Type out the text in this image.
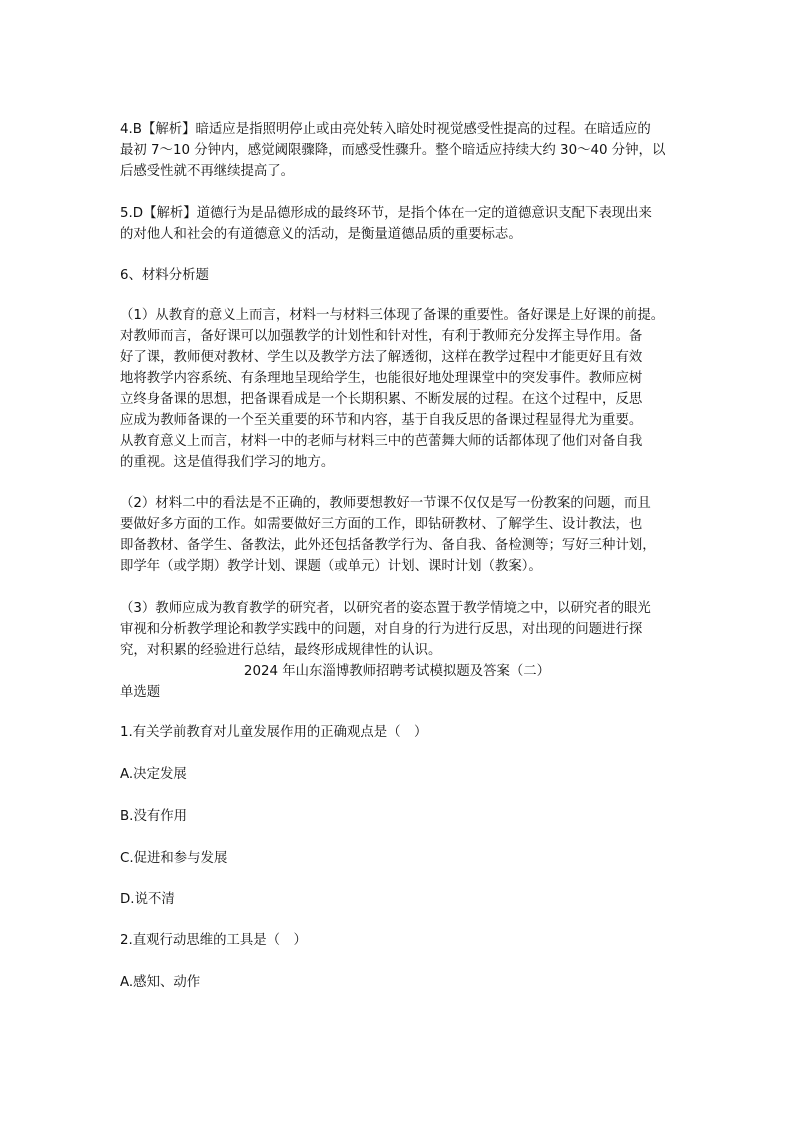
4.B【解析】暗适应是指照明停止或由亮处转入暗处时视觉感受性提高的过程。在暗适应的
最初 7～10 分钟内，感觉阈限骤降，而感受性骤升。整个暗适应持续大约 30～40 分钟，以
后感受性就不再继续提高了。

5.D【解析】道德行为是品德形成的最终环节，是指个体在一定的道德意识支配下表现出来
的对他人和社会的有道德意义的活动，是衡量道德品质的重要标志。

6、材料分析题

（1）从教育的意义上而言，材料一与材料三体现了备课的重要性。备好课是上好课的前提。
对教师而言，备好课可以加强教学的计划性和针对性，有利于教师充分发挥主导作用。备
好了课，教师便对教材、学生以及教学方法了解透彻，这样在教学过程中才能更好且有效
地将教学内容系统、有条理地呈现给学生，也能很好地处理课堂中的突发事件。教师应树
立终身备课的思想，把备课看成是一个长期积累、不断发展的过程。在这个过程中，反思
应成为教师备课的一个至关重要的环节和内容，基于自我反思的备课过程显得尤为重要。
从教育意义上而言，材料一中的老师与材料三中的芭蕾舞大师的话都体现了他们对备自我
的重视。这是值得我们学习的地方。

（2）材料二中的看法是不正确的，教师要想教好一节课不仅仅是写一份教案的问题，而且
要做好多方面的工作。如需要做好三方面的工作，即钻研教材、了解学生、设计教法，也
即备教材、备学生、备教法，此外还包括备教学行为、备自我、备检测等；写好三种计划，
即学年（或学期）教学计划、课题（或单元）计划、课时计划（教案）。

（3）教师应成为教育教学的研究者，以研究者的姿态置于教学情境之中，以研究者的眼光
审视和分析教学理论和教学实践中的问题，对自身的行为进行反思，对出现的问题进行探
究，对积累的经验进行总结，最终形成规律性的认识。

2024 年山东淄博教师招聘考试模拟题及答案（二）

单选题

1.有关学前教育对儿童发展作用的正确观点是（　）

A.决定发展

B.没有作用

C.促进和参与发展

D.说不清

2.直观行动思维的工具是（　）

A.感知、动作
